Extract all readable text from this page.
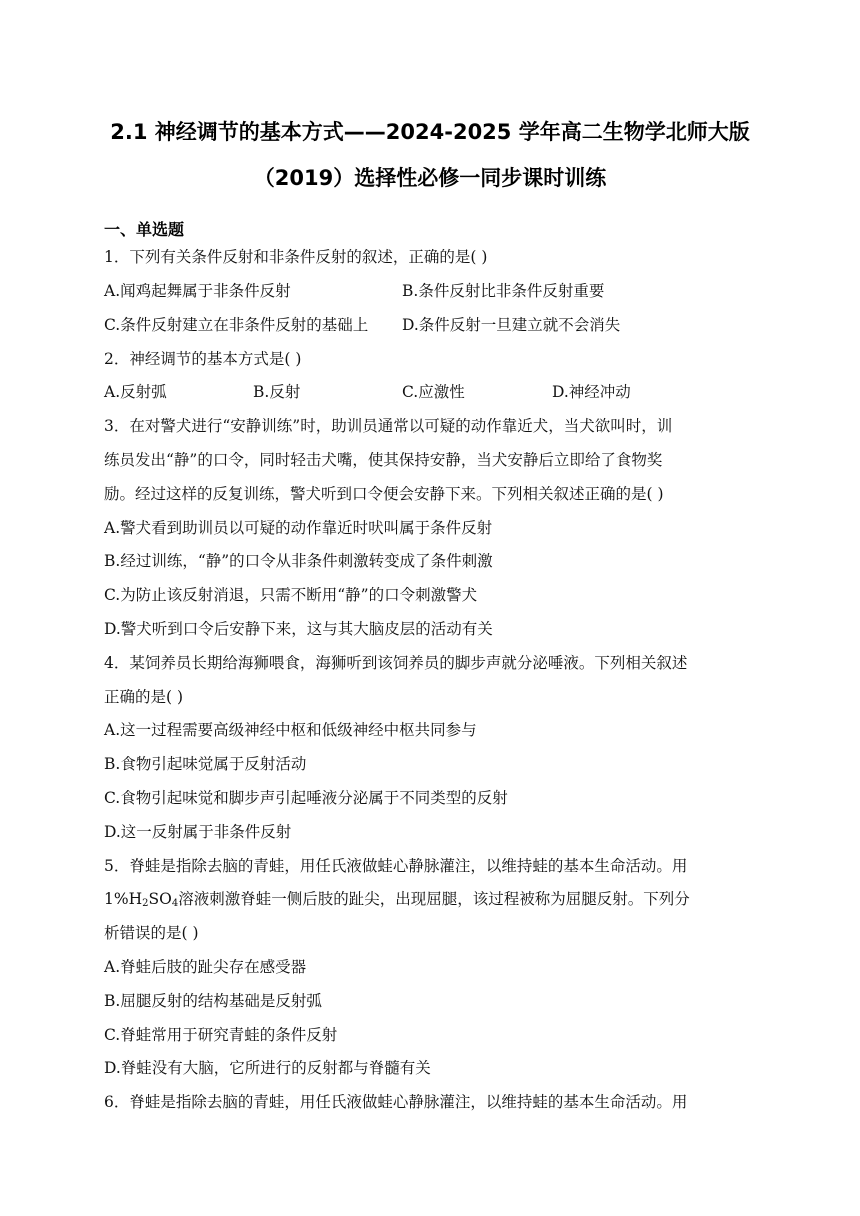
2.1 神经调节的基本方式——2024-2025 学年高二生物学北师大版
（2019）选择性必修一同步课时训练
一、单选题
1．下列有关条件反射和非条件反射的叙述，正确的是( )
A.闻鸡起舞属于非条件反射	B.条件反射比非条件反射重要
C.条件反射建立在非条件反射的基础上 D.条件反射一旦建立就不会消失
2．神经调节的基本方式是( )
A.反射弧	B.反射	C.应激性	D.神经冲动
3．在对警犬进行“安静训练”时，助训员通常以可疑的动作靠近犬，当犬欲叫时，训
练员发出“静”的口令，同时轻击犬嘴，使其保持安静，当犬安静后立即给了食物奖
励。经过这样的反复训练，警犬听到口令便会安静下来。下列相关叙述正确的是( )
A.警犬看到助训员以可疑的动作靠近时吠叫属于条件反射
B.经过训练，“静”的口令从非条件刺激转变成了条件刺激
C.为防止该反射消退，只需不断用“静”的口令刺激警犬
D.警犬听到口令后安静下来，这与其大脑皮层的活动有关
4．某饲养员长期给海狮喂食，海狮听到该饲养员的脚步声就分泌唾液。下列相关叙述
正确的是( )
A.这一过程需要高级神经中枢和低级神经中枢共同参与
B.食物引起味觉属于反射活动
C.食物引起味觉和脚步声引起唾液分泌属于不同类型的反射
D.这一反射属于非条件反射
5．脊蛙是指除去脑的青蛙，用任氏液做蛙心静脉灌注，以维持蛙的基本生命活动。用
$1\%H_2SO_4$溶液刺激脊蛙一侧后肢的趾尖，出现屈腿，该过程被称为屈腿反射。下列分
析错误的是( )
A.脊蛙后肢的趾尖存在感受器
B.屈腿反射的结构基础是反射弧
C.脊蛙常用于研究青蛙的条件反射
D.脊蛙没有大脑，它所进行的反射都与脊髓有关
6．脊蛙是指除去脑的青蛙，用任氏液做蛙心静脉灌注，以维持蛙的基本生命活动。用
